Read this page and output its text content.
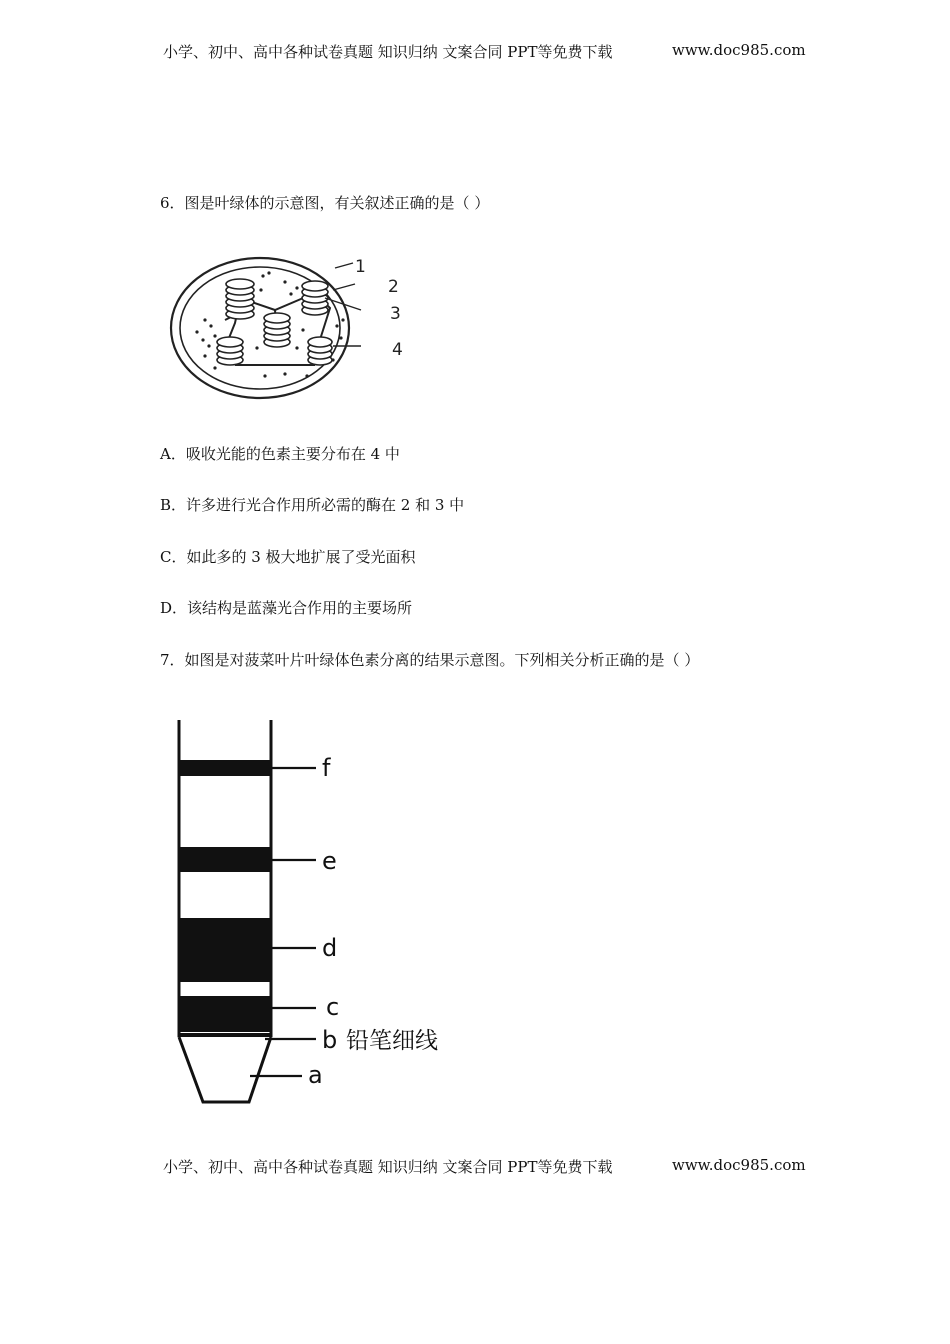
小学、初中、高中各种试卷真题 知识归纳 文案合同 PPT等免费下载	www.doc985.com
6．图是叶绿体的示意图，有关叙述正确的是（ ）
1
2
3
4
A．吸收光能的色素主要分布在 4 中
B．许多进行光合作用所必需的酶在 2 和 3 中
C．如此多的 3 极大地扩展了受光面积
D．该结构是蓝藻光合作用的主要场所
7．如图是对菠菜叶片叶绿体色素分离的结果示意图。下列相关分析正确的是（ ）
f
e
d
c
b 铅笔细线
a
小学、初中、高中各种试卷真题 知识归纳 文案合同 PPT等免费下载	www.doc985.com
